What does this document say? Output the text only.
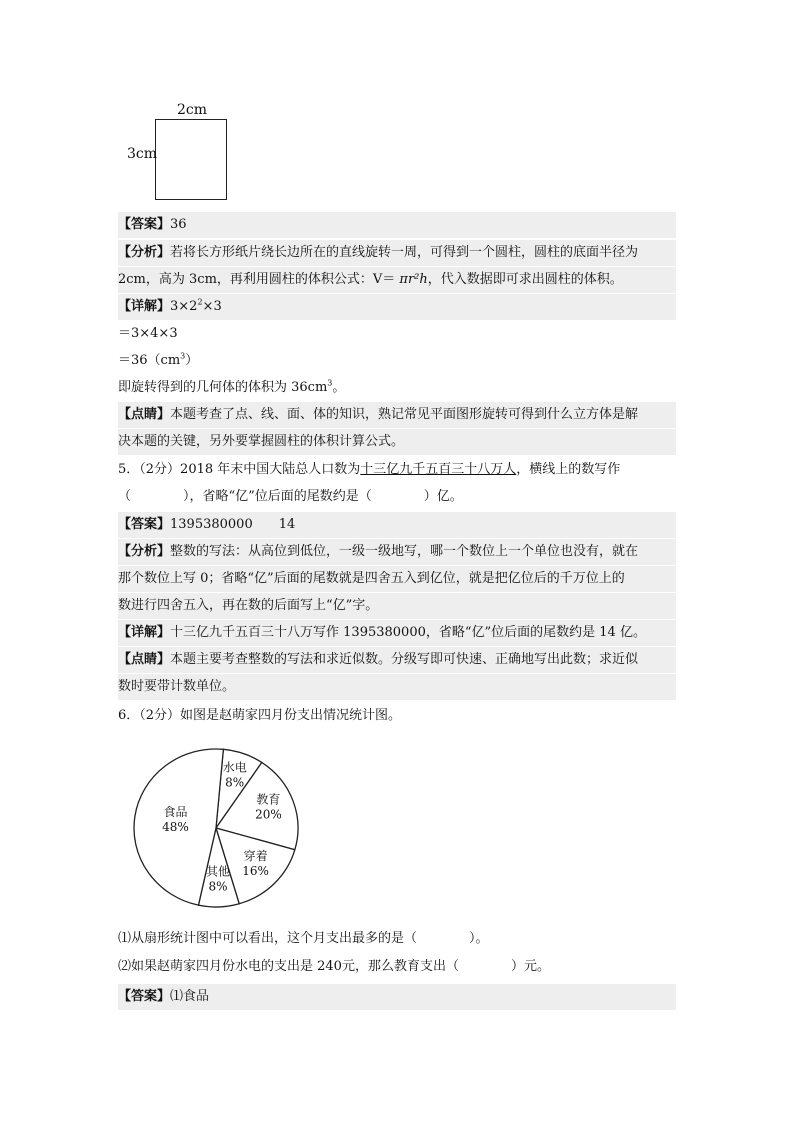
2cm
3cm
【答案】36
【分析】若将长方形纸片绕长边所在的直线旋转一周，可得到一个圆柱，圆柱的底面半径为
2cm，高为 3cm，再利用圆柱的体积公式：V＝ πr²h，代入数据即可求出圆柱的体积。
【详解】$3\times 2^2\times 3$
＝3×4×3
$=36(cm^3)$
即旋转得到的几何体的体积为 $36cm^3$。
【点睛】本题考查了点、线、面、体的知识，熟记常见平面图形旋转可得到什么立方体是解
决本题的关键，另外要掌握圆柱的体积计算公式。
5．（2分）2018 年末中国大陆总人口数为十三亿九千五百三十八万人，横线上的数写作
（　　　　），省略“亿”位后面的尾数约是（　　　　）亿。
【答案】1395380000　　14
【分析】整数的写法：从高位到低位，一级一级地写，哪一个数位上一个单位也没有，就在
那个数位上写 0；省略“亿”后面的尾数就是四舍五入到亿位，就是把亿位后的千万位上的
数进行四舍五入，再在数的后面写上“亿”字。
【详解】十三亿九千五百三十八万写作 1395380000，省略“亿”位后面的尾数约是 14 亿。
【点睛】本题主要考查整数的写法和求近似数。分级写即可快速、正确地写出此数；求近似
数时要带计数单位。
6．（2分）如图是赵萌家四月份支出情况统计图。
水电
8%
教育
20%
穿着
16%
其他
8%
食品
48%
⑴从扇形统计图中可以看出，这个月支出最多的是（　　　　）。
⑵如果赵萌家四月份水电的支出是 240元，那么教育支出（　　　　）元。
【答案】⑴食品
